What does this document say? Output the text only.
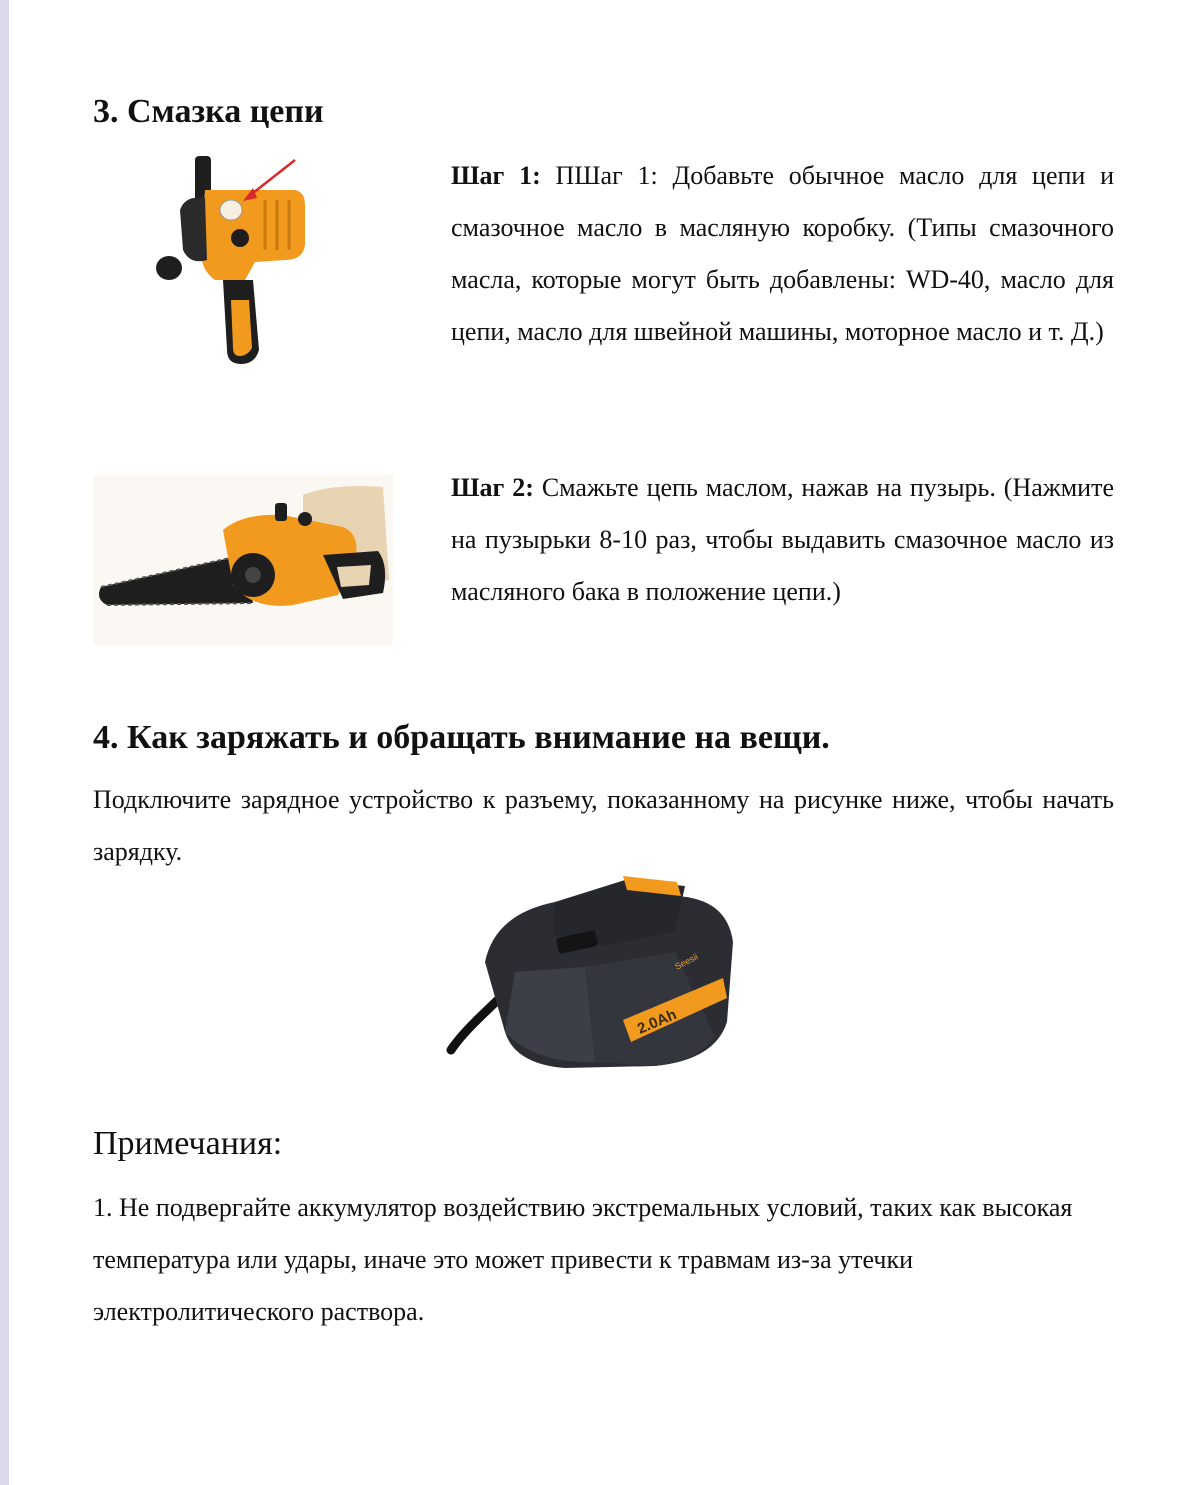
3. Смазка цепи

Шаг 1: ПШаг 1: Добавьте обычное масло для цепи и смазочное масло в масляную коробку. (Типы смазочного масла, которые могут быть добавлены: WD-40, масло для цепи, масло для швейной машины, моторное масло и т. Д.)

Шаг 2: Смажьте цепь маслом, нажав на пузырь. (Нажмите на пузырьки 8-10 раз, чтобы выдавить смазочное масло из масляного бака в положение цепи.)

4. Как заряжать и обращать внимание на вещи.

Подключите зарядное устройство к разъему, показанному на рисунке ниже, чтобы начать зарядку.

2.0Ah
Seesii
Примечания:

1. Не подвергайте аккумулятор воздействию экстремальных условий, таких как высокая температура или удары, иначе это может привести к травмам из-за утечки электролитического раствора.
